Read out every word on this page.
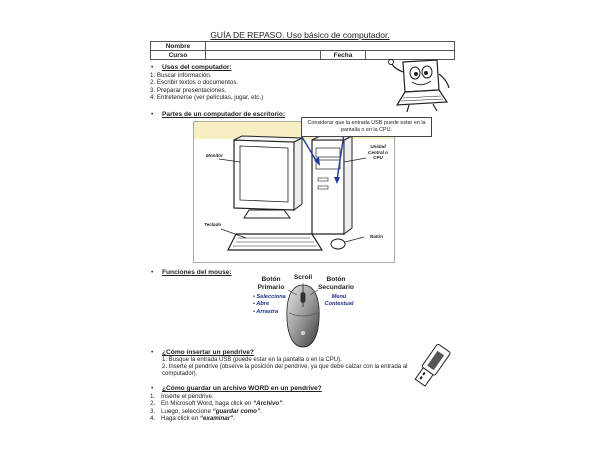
GUÍA DE REPASO. Uso básico de computador.
Nombre			
Curso		Fecha	
• Usos del computador:
1. Buscar información.
2. Escribir textos o documentos.
3. Preparar presentaciones.
4. Entretenerse (ver películas, jugar, etc.)
• Partes de un computador de escritorio:
Monitor
Unidad Central o CPU
Teclado
Ratón
Considerar que la entrada USB puede estar en la pantalla o en la CPU.
• Funciones del mouse:
Botón Primario
Scroll	Botón Secundario
• Selecciona
• Abre
• Arrastra
Menú Contextual
• ¿Cómo insertar un pendrive?
1. Busque la entrada USB (puede estar en la pantalla o en la CPU).
2. Inserte el pendrive (observe la posición del pendrive, ya que debe calzar con la entrada al computador).
• ¿Cómo guardar un archivo WORD en un pendrive?
1. Inserte el pendrive.
2. En Microsoft Word, haga click en “Archivo”.
3. Luego, seleccione “guardar como”.
4. Haga click en “examinar”.
